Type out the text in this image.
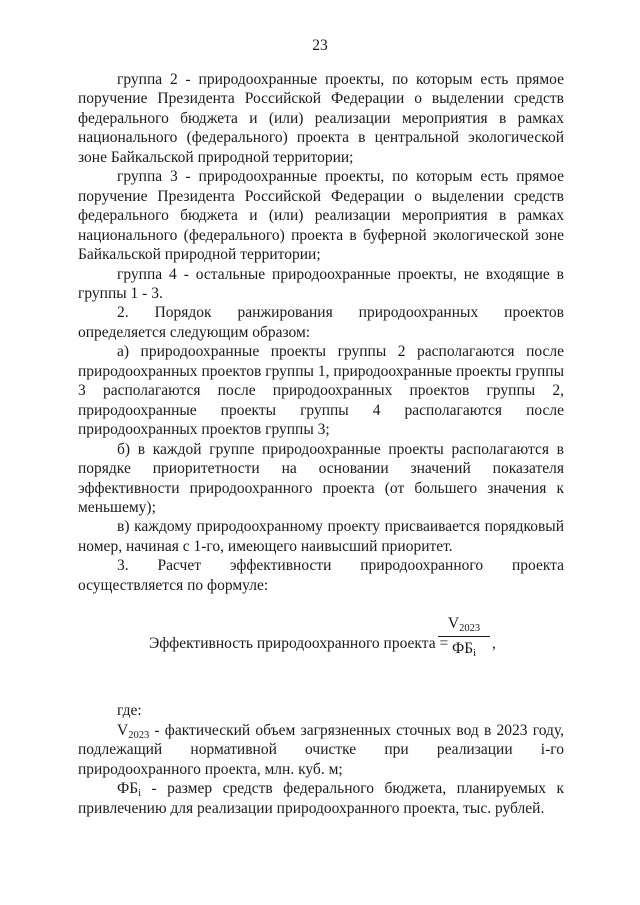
23

группа 2 - природоохранные проекты, по которым есть прямое поручение Президента Российской Федерации о выделении средств федерального бюджета и (или) реализации мероприятия в рамках национального (федерального) проекта в центральной экологической зоне Байкальской природной территории;

группа 3 - природоохранные проекты, по которым есть прямое поручение Президента Российской Федерации о выделении средств федерального бюджета и (или) реализации мероприятия в рамках национального (федерального) проекта в буферной экологической зоне Байкальской природной территории;

группа 4 - остальные природоохранные проекты, не входящие в группы 1 - 3.

2. Порядок ранжирования природоохранных проектов определяется следующим образом:

а) природоохранные проекты группы 2 располагаются после природоохранных проектов группы 1, природоохранные проекты группы 3 располагаются после природоохранных проектов группы 2, природоохранные проекты группы 4 располагаются после природоохранных проектов группы 3;

б) в каждой группе природоохранные проекты располагаются в порядке приоритетности на основании значений показателя эффективности природоохранного проекта (от большего значения к меньшему);

в) каждому природоохранному проекту присваивается порядковый номер, начиная с 1-го, имеющего наивысший приоритет.

3. Расчет эффективности природоохранного проекта осуществляется по формуле:

Эффективность природоохранного проекта =
$V_{2023}$
$ФБ_i$
,

где:

$V_{2023}$ - фактический объем загрязненных сточных вод в 2023 году, подлежащий нормативной очистке при реализации i-го природоохранного проекта, млн. куб. м;

$ФБ_i$ - размер средств федерального бюджета, планируемых к привлечению для реализации природоохранного проекта, тыс. рублей.
